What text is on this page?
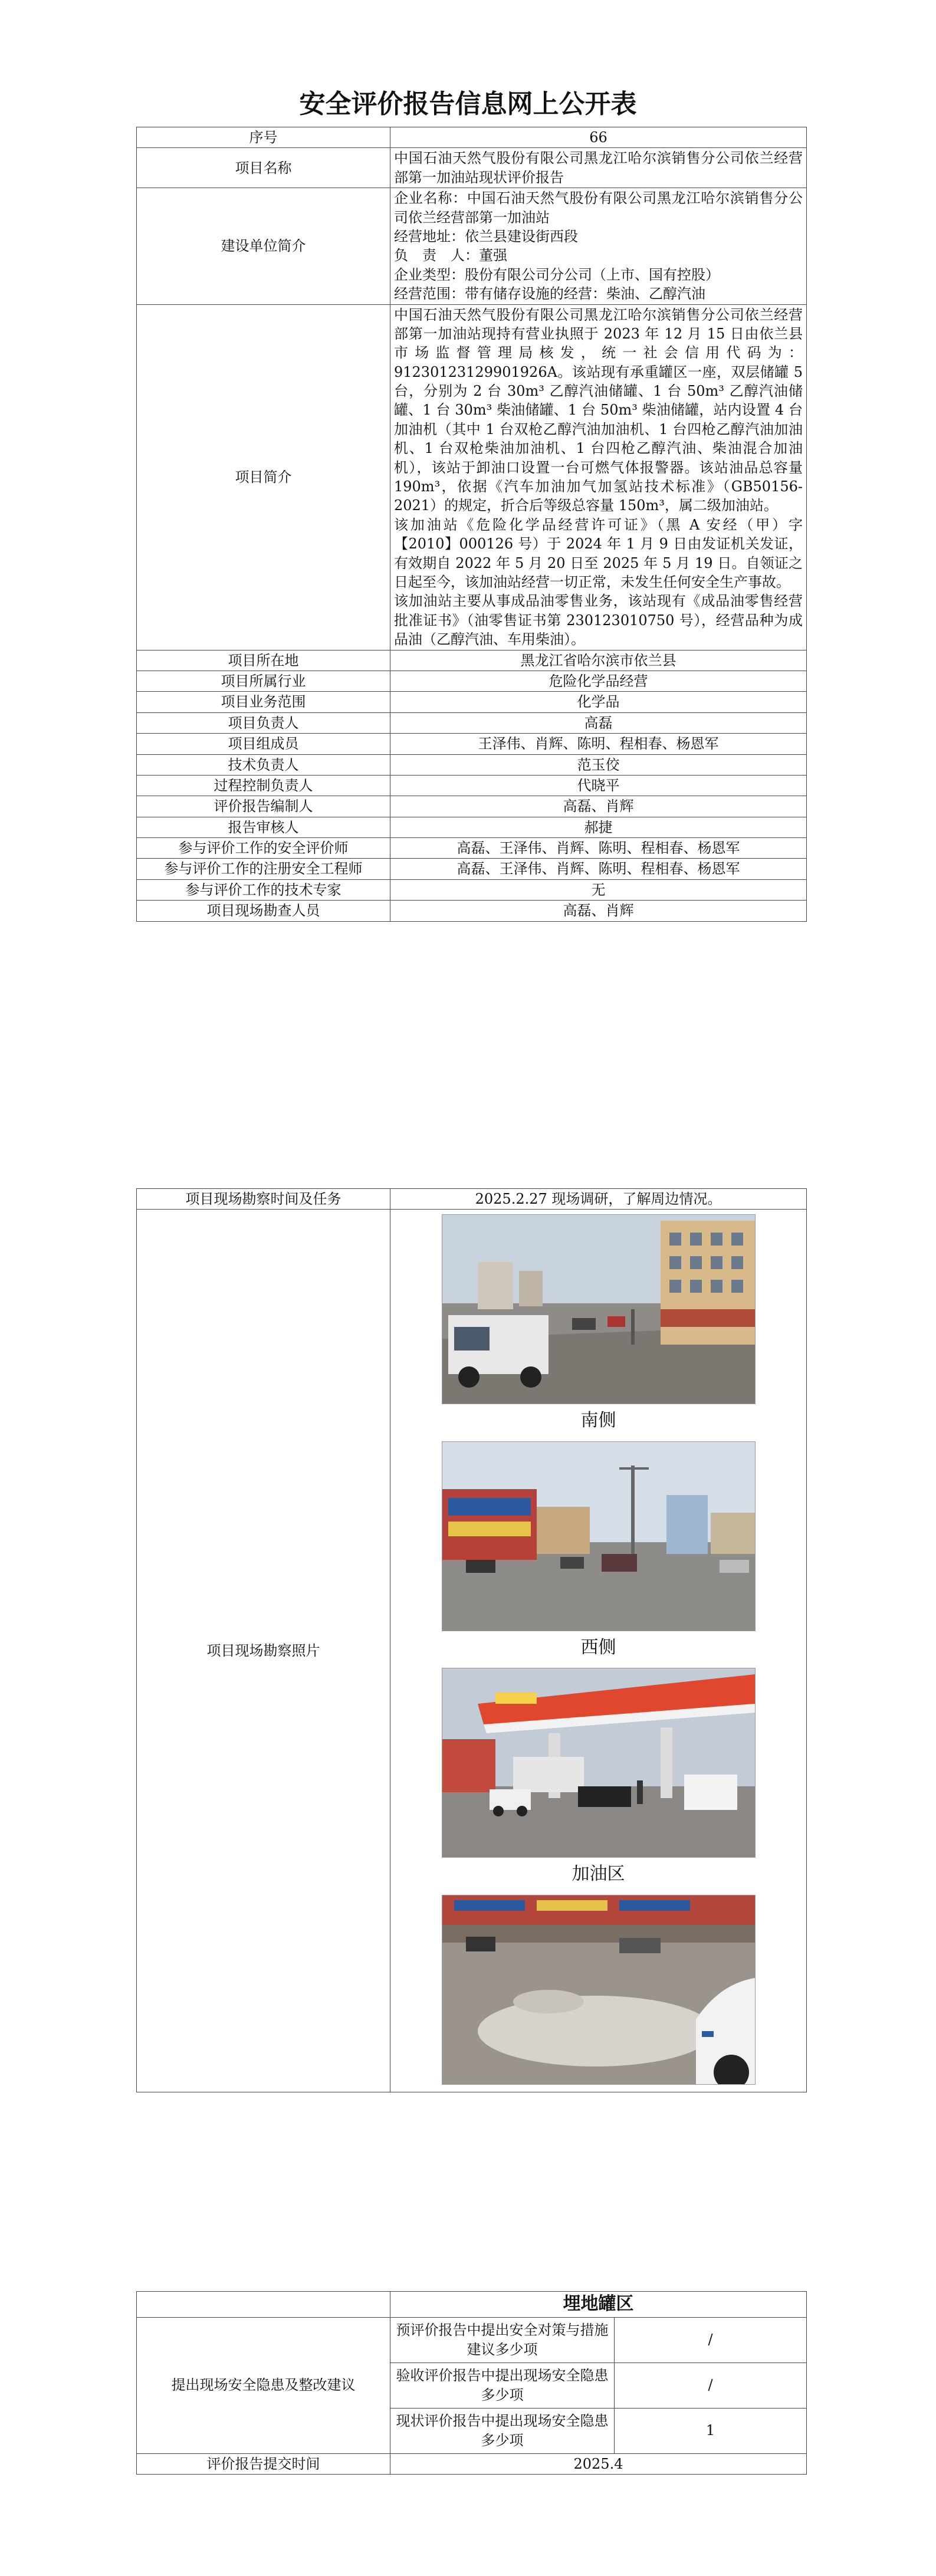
安全评价报告信息网上公开表
序号	66
项目名称	中国石油天然气股份有限公司黑龙江哈尔滨销售分公司依兰经营部第一加油站现状评价报告
建设单位简介	企业名称：中国石油天然气股份有限公司黑龙江哈尔滨销售分公司依兰经营部第一加油站
经营地址：依兰县建设街西段
负　责　人：董强
企业类型：股份有限公司分公司（上市、国有控股）
经营范围：带有储存设施的经营：柴油、乙醇汽油

项目简介	中国石油天然气股份有限公司黑龙江哈尔滨销售分公司依兰经营部第一加油站现持有营业执照于 2023 年 12 月 15 日由依兰县市场监督管理局核发，统一社会信用代码为：91230123129901926A。该站现有承重罐区一座，双层储罐 5 台，分别为 2 台 30m³ 乙醇汽油储罐、1 台 50m³ 乙醇汽油储罐、1 台 30m³ 柴油储罐、1 台 50m³ 柴油储罐，站内设置 4 台加油机（其中 1 台双枪乙醇汽油加油机、1 台四枪乙醇汽油加油机、1 台双枪柴油加油机、1 台四枪乙醇汽油、柴油混合加油机），该站于卸油口设置一台可燃气体报警器。该站油品总容量 190m³，依据《汽车加油加气加氢站技术标准》（GB50156-2021）的规定，折合后等级总容量 150m³，属二级加油站。
该加油站《危险化学品经营许可证》（黑 A 安经（甲）字【2010】000126 号）于 2024 年 1 月 9 日由发证机关发证，有效期自 2022 年 5 月 20 日至 2025 年 5 月 19 日。自领证之日起至今，该加油站经营一切正常，未发生任何安全生产事故。
该加油站主要从事成品油零售业务，该站现有《成品油零售经营批准证书》（油零售证书第 230123010750 号），经营品种为成品油（乙醇汽油、车用柴油）。

项目所在地	黑龙江省哈尔滨市依兰县
项目所属行业	危险化学品经营
项目业务范围	化学品
项目负责人	高磊
项目组成员	王泽伟、肖辉、陈明、程相春、杨恩军
技术负责人	范玉佼
过程控制负责人	代晓平
评价报告编制人	高磊、肖辉
报告审核人	郝捷
参与评价工作的安全评价师	高磊、王泽伟、肖辉、陈明、程相春、杨恩军
参与评价工作的注册安全工程师	高磊、王泽伟、肖辉、陈明、程相春、杨恩军
参与评价工作的技术专家	无
项目现场勘查人员	高磊、肖辉
项目现场勘察时间及任务	2025.2.27 现场调研，了解周边情况。
项目现场勘察照片	南侧
西侧
加油区
	埋地罐区	
提出现场安全隐患及整改建议	预评价报告中提出安全对策与措施建议多少项	/
	验收评价报告中提出现场安全隐患多少项	/
	现状评价报告中提出现场安全隐患多少项	1
评价报告提交时间	2025.4	
